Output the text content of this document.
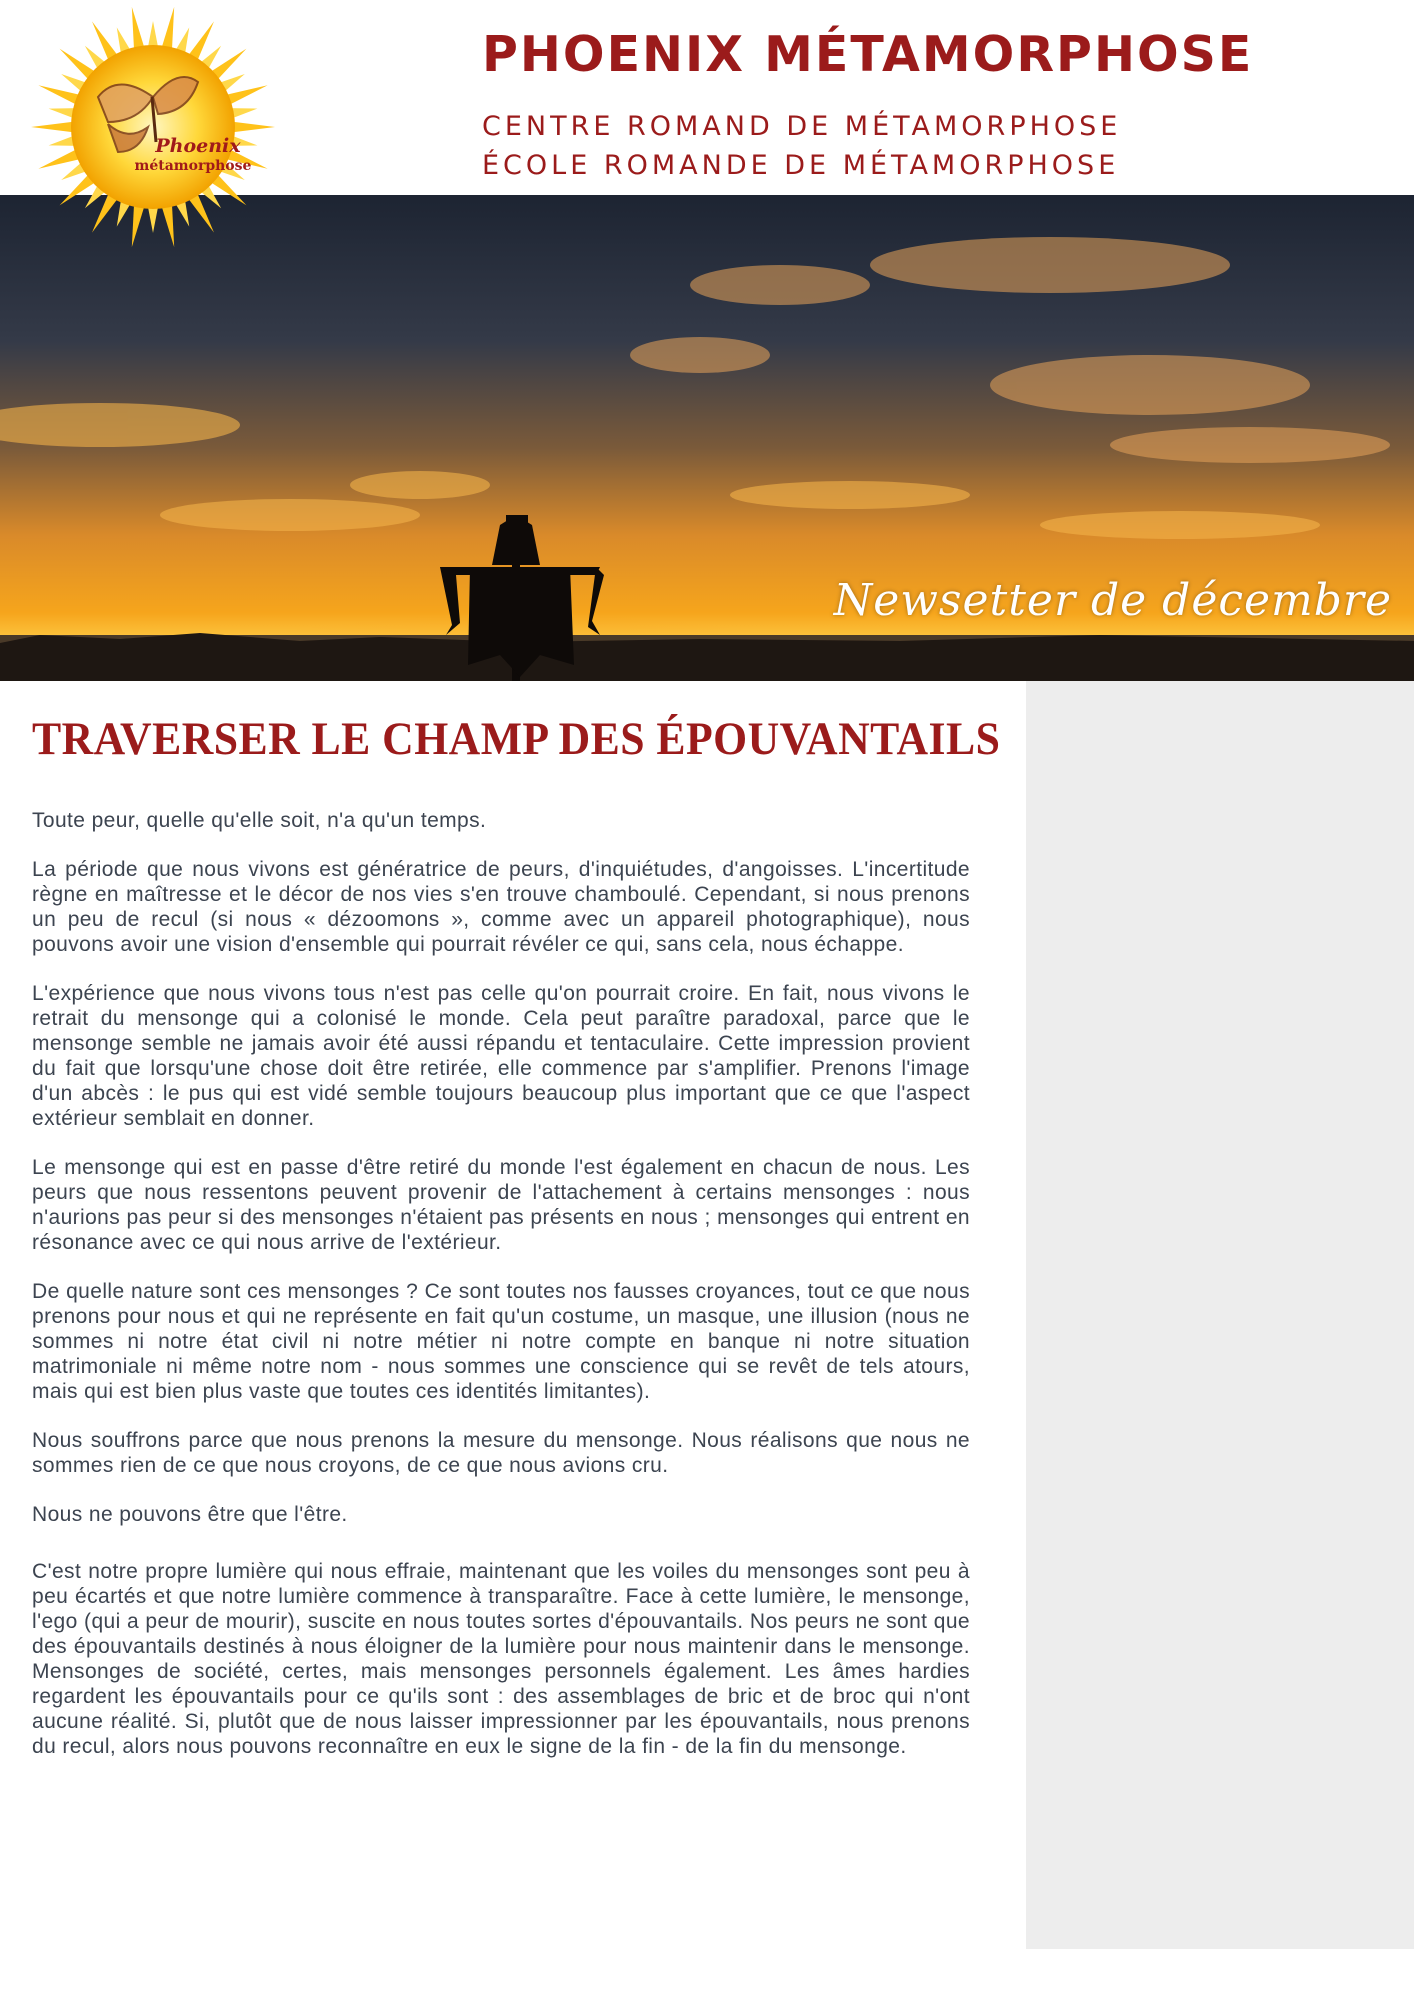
PHOENIX MÉTAMORPHOSE
CENTRE ROMAND DE MÉTAMORPHOSE
ÉCOLE ROMANDE DE MÉTAMORPHOSE
Phoenix
métamorphose
Newsetter de décembre
TRAVERSER LE CHAMP DES ÉPOUVANTAILS

Toute peur, quelle qu'elle soit, n'a qu'un temps.

La période que nous vivons est génératrice de peurs, d'inquiétudes, d'angoisses. L'incertitude règne en maîtresse et le décor de nos vies s'en trouve chamboulé. Cependant, si nous prenons un peu de recul (si nous « dézoomons », comme avec un appareil photographique), nous pouvons avoir une vision d'ensemble qui pourrait révéler ce qui, sans cela, nous échappe.

L'expérience que nous vivons tous n'est pas celle qu'on pourrait croire. En fait, nous vivons le retrait du mensonge qui a colonisé le monde. Cela peut paraître paradoxal, parce que le mensonge semble ne jamais avoir été aussi répandu et tentaculaire. Cette impression provient du fait que lorsqu'une chose doit être retirée, elle commence par s'amplifier. Prenons l'image d'un abcès : le pus qui est vidé semble toujours beaucoup plus important que ce que l'aspect extérieur semblait en donner.

Le mensonge qui est en passe d'être retiré du monde l'est également en chacun de nous. Les peurs que nous ressentons peuvent provenir de l'attachement à certains mensonges : nous n'aurions pas peur si des mensonges n'étaient pas présents en nous ; mensonges qui entrent en résonance avec ce qui nous arrive de l'extérieur.

De quelle nature sont ces mensonges ? Ce sont toutes nos fausses croyances, tout ce que nous prenons pour nous et qui ne représente en fait qu'un costume, un masque, une illusion (nous ne sommes ni notre état civil ni notre métier ni notre compte en banque ni notre situation matrimoniale ni même notre nom - nous sommes une conscience qui se revêt de tels atours, mais qui est bien plus vaste que toutes ces identités limitantes).

Nous souffrons parce que nous prenons la mesure du mensonge. Nous réalisons que nous ne sommes rien de ce que nous croyons, de ce que nous avions cru.

Nous ne pouvons être que l'être.

C'est notre propre lumière qui nous effraie, maintenant que les voiles du mensonges sont peu à peu écartés et que notre lumière commence à transparaître. Face à cette lumière, le mensonge, l'ego (qui a peur de mourir), suscite en nous toutes sortes d'épouvantails. Nos peurs ne sont que des épouvantails destinés à nous éloigner de la lumière pour nous maintenir dans le mensonge. Mensonges de société, certes, mais mensonges personnels également. Les âmes hardies regardent les épouvantails pour ce qu'ils sont : des assemblages de bric et de broc qui n'ont aucune réalité. Si, plutôt que de nous laisser impressionner par les épouvantails, nous prenons du recul, alors nous pouvons reconnaître en eux le signe de la fin - de la fin du mensonge.
